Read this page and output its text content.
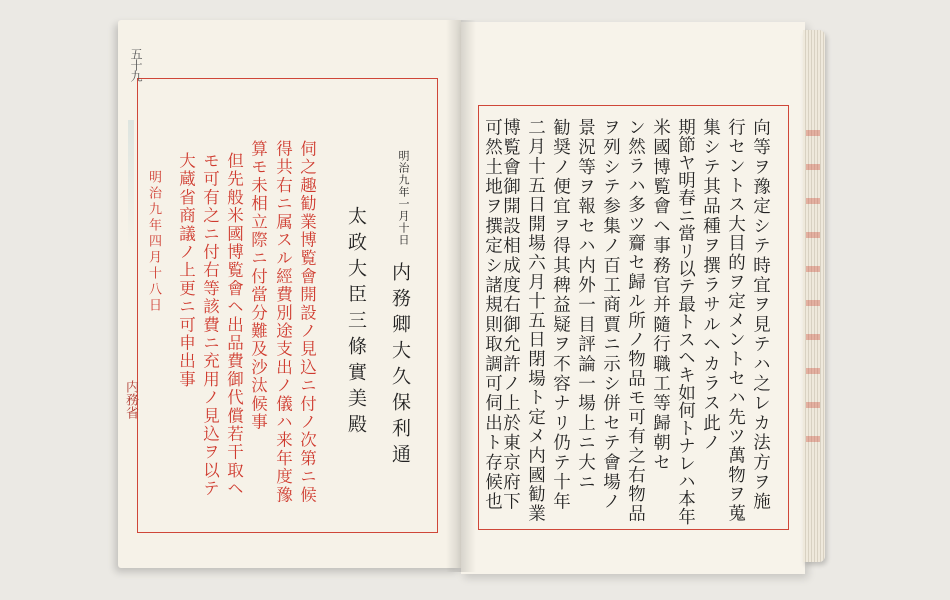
五十九
内務省
明治九年一月十日
内務卿大久保利通
太政大臣三條實美殿
伺之趣勧業博覧會開設ノ見込ニ付ノ次第ニ候
得共右ニ属スル經費別途支出ノ儀ハ来年度豫
算モ未相立際ニ付當分難及沙汰候事
但先般米國博覧會ヘ出品費御代償若干取ヘ
モ可有之ニ付右等該費ニ充用ノ見込ヲ以テ
大蔵省商議ノ上更ニ可申出事
明治九年四月十八日	向等ヲ豫定シテ時宜ヲ見テハ之レカ法方ヲ施
行セントス大目的ヲ定メントセハ先ツ萬物ヲ蒐
集シテ其品種ヲ撰ラサルヘカラス此ノ
期節ヤ明春ニ當リ以テ最トスヘキ如何トナレハ本年
米國博覧會ヘ事務官并隨行職工等歸朝セ
ン然ラハ多ツ齎セ歸ル所ノ物品モ可有之右物品
ヲ列シテ参集ノ百工商賈ニ示シ併セテ會場ノ
景況等ヲ報セハ内外一目評論一場上ニ大ニ
勧奨ノ便宜ヲ得其稗益疑ヲ不容ナリ仍テ十年
二月十五日開場六月十五日閉場ト定メ内國勧業
博覧會御開設相成度右御允許ノ上於東京府下
可然土地ヲ撰定シ諸規則取調可伺出ト存候也
